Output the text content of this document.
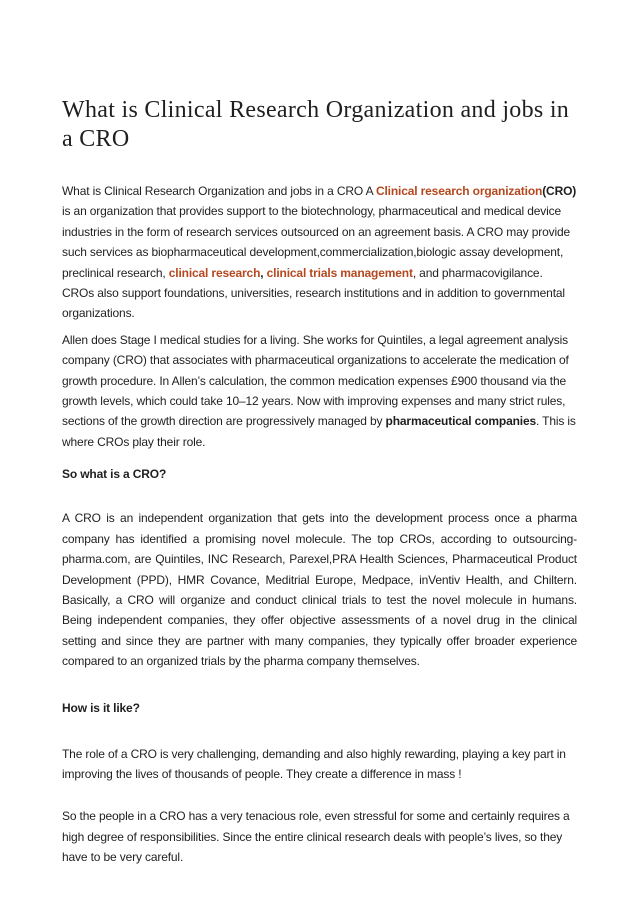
What is Clinical Research Organization and jobs in a CRO

What is Clinical Research Organization and jobs in a CRO A Clinical research organization(CRO) is an organization that provides support to the biotechnology, pharmaceutical and medical device industries in the form of research services outsourced on an agreement basis. A CRO may provide such services as biopharmaceutical development,commercialization,biologic assay development, preclinical research, clinical research, clinical trials management, and pharmacovigilance. CROs also support foundations, universities, research institutions and in addition to governmental organizations.

Allen does Stage I medical studies for a living. She works for Quintiles, a legal agreement analysis company (CRO) that associates with pharmaceutical organizations to accelerate the medication of growth procedure. In Allen’s calculation, the common medication expenses £900 thousand via the growth levels, which could take 10–12 years. Now with improving expenses and many strict rules, sections of the growth direction are progressively managed by pharmaceutical companies. This is where CROs play their role.

So what is a CRO?

A CRO is an independent organization that gets into the development process once a pharma company has identified a promising novel molecule. The top CROs, according to outsourcing-pharma.com, are Quintiles, INC Research, Parexel,PRA Health Sciences, Pharmaceutical Product Development (PPD), HMR Covance, Meditrial Europe, Medpace, inVentiv Health, and Chiltern. Basically, a CRO will organize and conduct clinical trials to test the novel molecule in humans. Being independent companies, they offer objective assessments of a novel drug in the clinical setting and since they are partner with many companies, they typically offer broader experience compared to an organized trials by the pharma company themselves.

How is it like?

The role of a CRO is very challenging, demanding and also highly rewarding, playing a key part in improving the lives of thousands of people. They create a difference in mass !

So the people in a CRO has a very tenacious role, even stressful for some and certainly requires a high degree of responsibilities. Since the entire clinical research deals with people’s lives, so they have to be very careful.
